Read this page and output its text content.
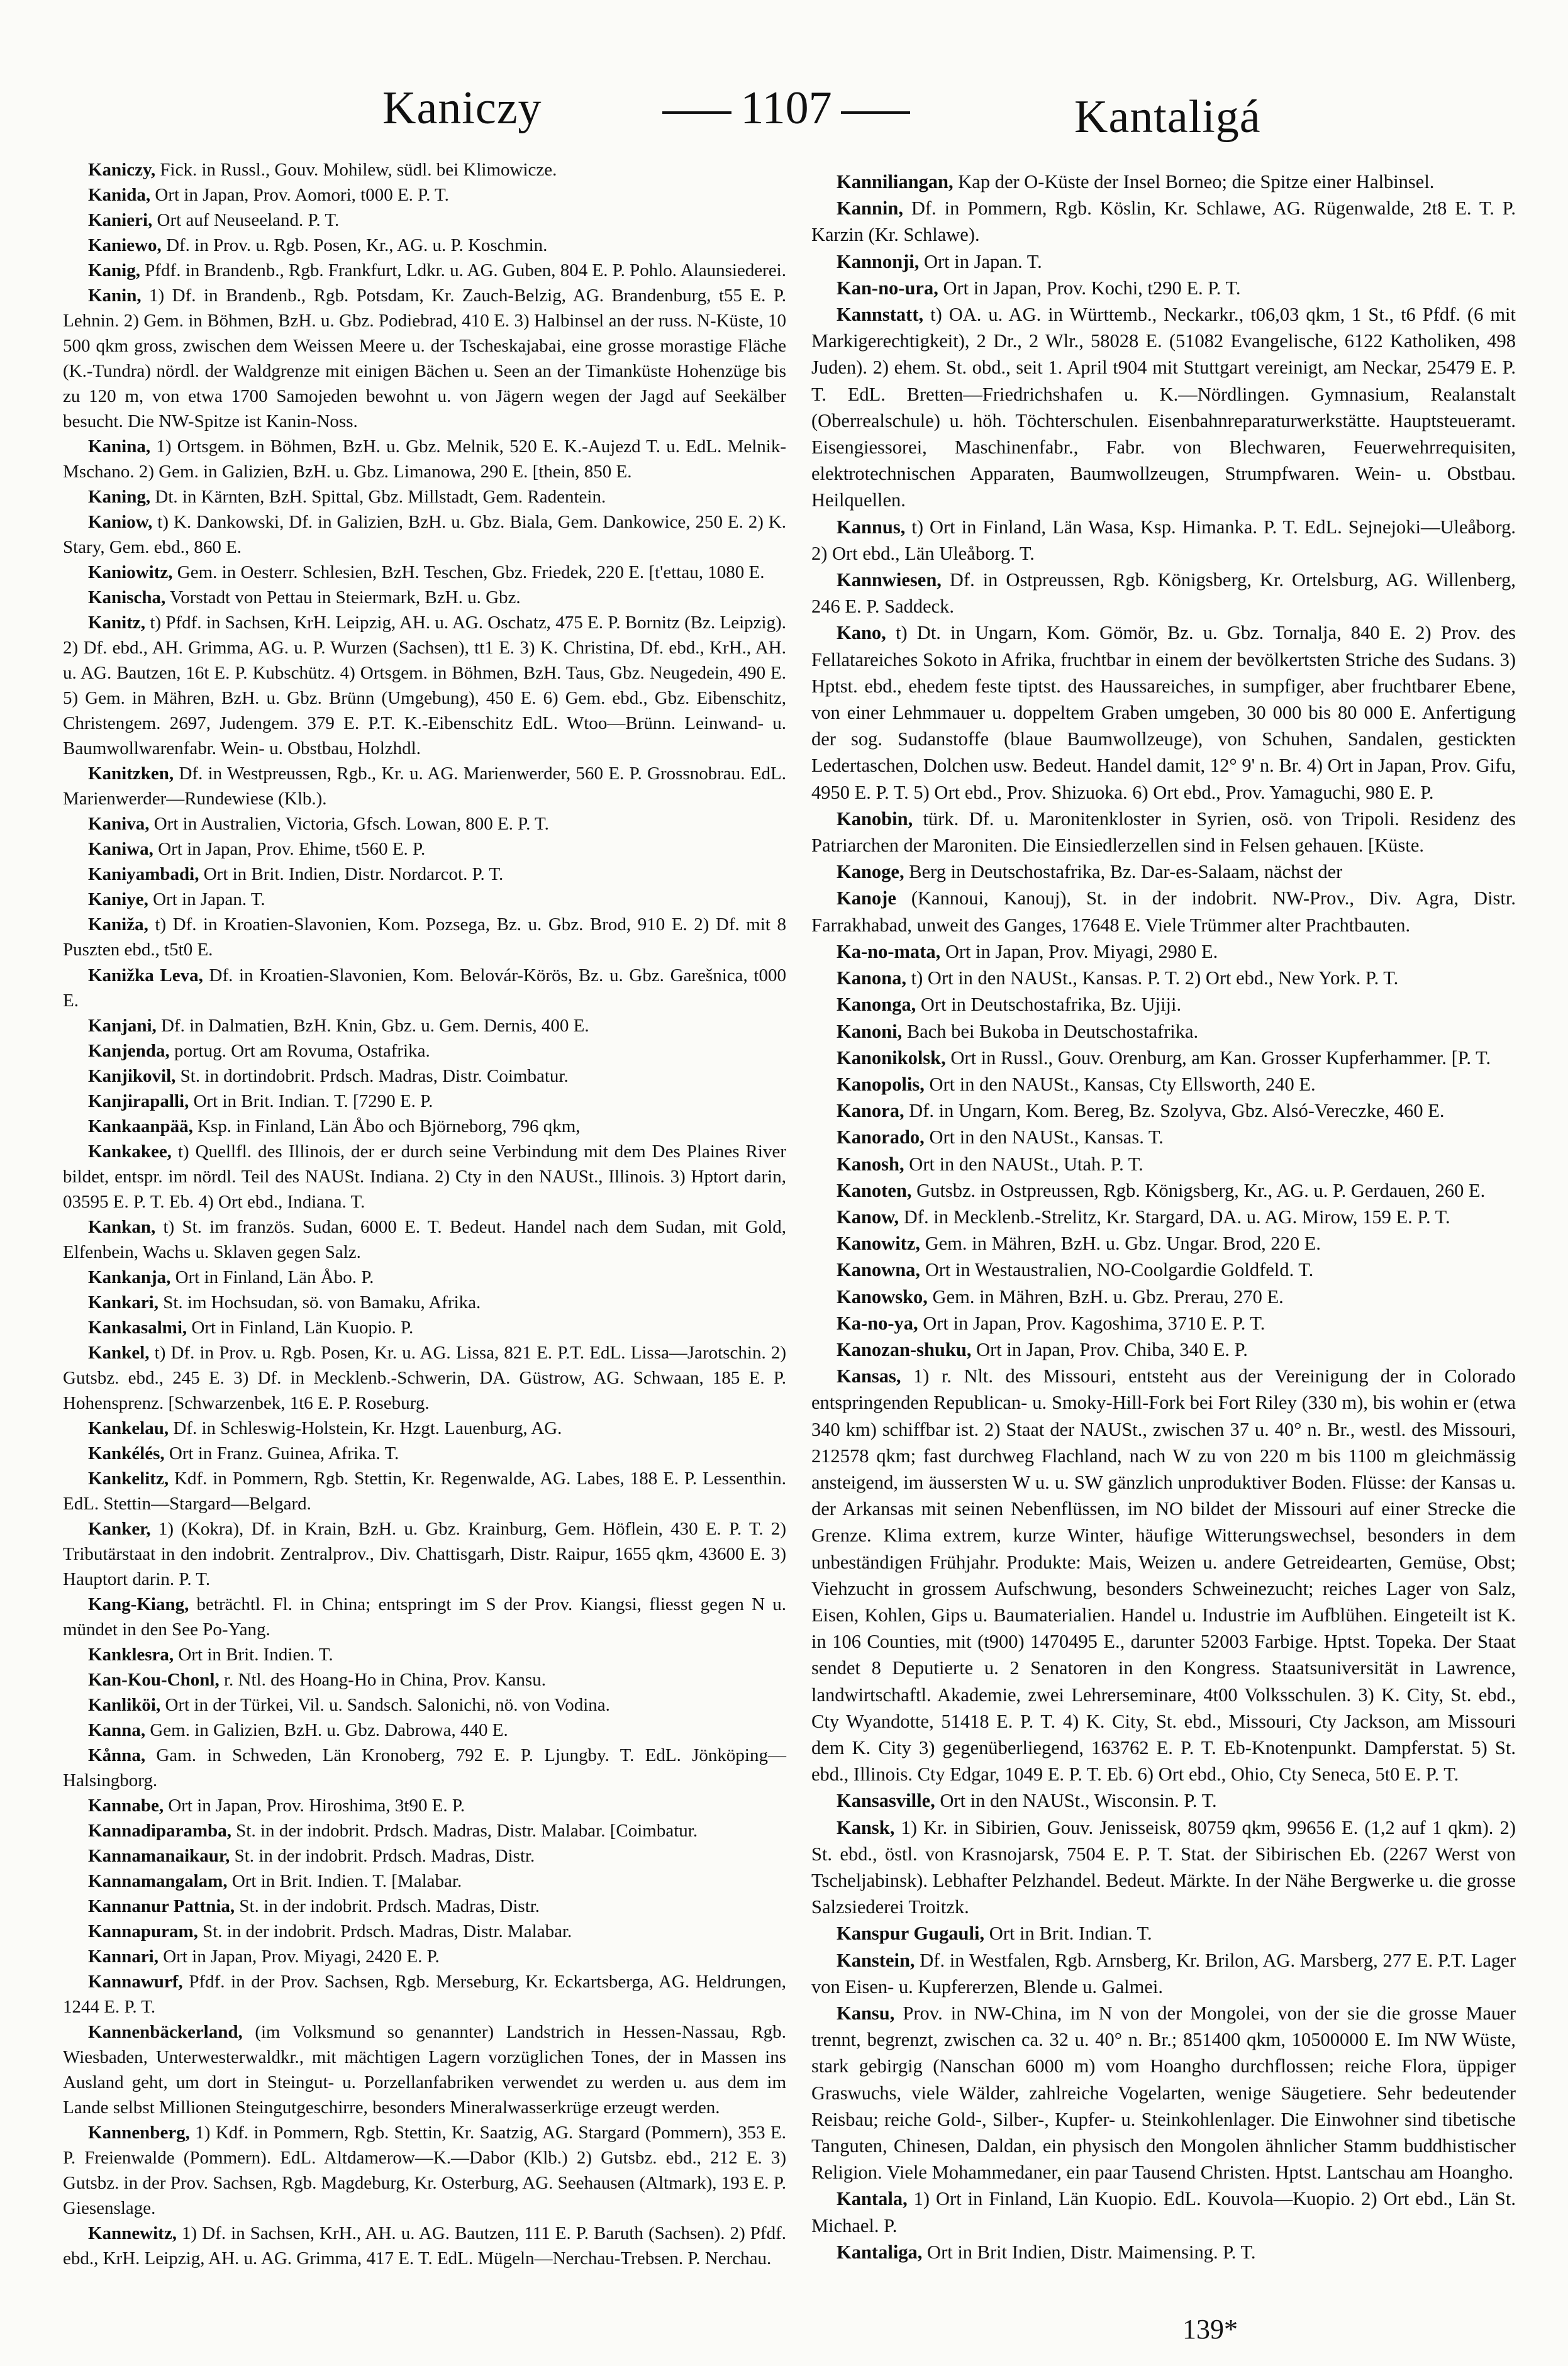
Kaniczy	1107	Kantaligá

Kaniczy, Fick. in Russl., Gouv. Mohilew, südl. bei Klimowicze.

Kanida, Ort in Japan, Prov. Aomori, t000 E. P. T.

Kanieri, Ort auf Neuseeland. P. T.

Kaniewo, Df. in Prov. u. Rgb. Posen, Kr., AG. u. P. Koschmin.

Kanig, Pfdf. in Brandenb., Rgb. Frankfurt, Ldkr. u. AG. Guben, 804 E. P. Pohlo. Alaunsiederei.

Kanin, 1) Df. in Brandenb., Rgb. Potsdam, Kr. Zauch-Belzig, AG. Brandenburg, t55 E. P. Lehnin. 2) Gem. in Böhmen, BzH. u. Gbz. Podiebrad, 410 E. 3) Halbinsel an der russ. N-Küste, 10 500 qkm gross, zwischen dem Weissen Meere u. der Tscheskajabai, eine grosse morastige Fläche (K.-Tundra) nördl. der Waldgrenze mit einigen Bächen u. Seen an der Timanküste Hohenzüge bis zu 120 m, von etwa 1700 Samojeden bewohnt u. von Jägern wegen der Jagd auf Seekälber besucht. Die NW-Spitze ist Kanin-Noss.

Kanina, 1) Ortsgem. in Böhmen, BzH. u. Gbz. Melnik, 520 E. K.-Aujezd T. u. EdL. Melnik-Mschano. 2) Gem. in Galizien, BzH. u. Gbz. Limanowa, 290 E. [thein, 850 E.

Kaning, Dt. in Kärnten, BzH. Spittal, Gbz. Millstadt, Gem. Radentein.

Kaniow, t) K. Dankowski, Df. in Galizien, BzH. u. Gbz. Biala, Gem. Dankowice, 250 E. 2) K. Stary, Gem. ebd., 860 E.

Kaniowitz, Gem. in Oesterr. Schlesien, BzH. Teschen, Gbz. Friedek, 220 E. [t'ettau, 1080 E.

Kanischa, Vorstadt von Pettau in Steiermark, BzH. u. Gbz.

Kanitz, t) Pfdf. in Sachsen, KrH. Leipzig, AH. u. AG. Oschatz, 475 E. P. Bornitz (Bz. Leipzig). 2) Df. ebd., AH. Grimma, AG. u. P. Wurzen (Sachsen), tt1 E. 3) K. Christina, Df. ebd., KrH., AH. u. AG. Bautzen, 16t E. P. Kubschütz. 4) Ortsgem. in Böhmen, BzH. Taus, Gbz. Neugedein, 490 E. 5) Gem. in Mähren, BzH. u. Gbz. Brünn (Umgebung), 450 E. 6) Gem. ebd., Gbz. Eibenschitz, Christengem. 2697, Judengem. 379 E. P.T. K.-Eibenschitz EdL. Wtoo—Brünn. Leinwand- u. Baumwollwarenfabr. Wein- u. Obstbau, Holzhdl.

Kanitzken, Df. in Westpreussen, Rgb., Kr. u. AG. Marienwerder, 560 E. P. Grossnobrau. EdL. Marienwerder—Rundewiese (Klb.).

Kaniva, Ort in Australien, Victoria, Gfsch. Lowan, 800 E. P. T.

Kaniwa, Ort in Japan, Prov. Ehime, t560 E. P.

Kaniyambadi, Ort in Brit. Indien, Distr. Nordarcot. P. T.

Kaniye, Ort in Japan. T.

Kaniža, t) Df. in Kroatien-Slavonien, Kom. Pozsega, Bz. u. Gbz. Brod, 910 E. 2) Df. mit 8 Puszten ebd., t5t0 E.

Kanižka Leva, Df. in Kroatien-Slavonien, Kom. Belovár-Körös, Bz. u. Gbz. Garešnica, t000 E.

Kanjani, Df. in Dalmatien, BzH. Knin, Gbz. u. Gem. Dernis, 400 E.

Kanjenda, portug. Ort am Rovuma, Ostafrika.

Kanjikovil, St. in dortindobrit. Prdsch. Madras, Distr. Coimbatur.

Kanjirapalli, Ort in Brit. Indian. T. [7290 E. P.

Kankaanpää, Ksp. in Finland, Län Åbo och Björneborg, 796 qkm,

Kankakee, t) Quellfl. des Illinois, der er durch seine Verbindung mit dem Des Plaines River bildet, entspr. im nördl. Teil des NAUSt. Indiana. 2) Cty in den NAUSt., Illinois. 3) Hptort darin, 03595 E. P. T. Eb. 4) Ort ebd., Indiana. T.

Kankan, t) St. im französ. Sudan, 6000 E. T. Bedeut. Handel nach dem Sudan, mit Gold, Elfenbein, Wachs u. Sklaven gegen Salz.

Kankanja, Ort in Finland, Län Åbo. P.

Kankari, St. im Hochsudan, sö. von Bamaku, Afrika.

Kankasalmi, Ort in Finland, Län Kuopio. P.

Kankel, t) Df. in Prov. u. Rgb. Posen, Kr. u. AG. Lissa, 821 E. P.T. EdL. Lissa—Jarotschin. 2) Gutsbz. ebd., 245 E. 3) Df. in Mecklenb.-Schwerin, DA. Güstrow, AG. Schwaan, 185 E. P. Hohensprenz. [Schwarzenbek, 1t6 E. P. Roseburg.

Kankelau, Df. in Schleswig-Holstein, Kr. Hzgt. Lauenburg, AG.

Kankélés, Ort in Franz. Guinea, Afrika. T.

Kankelitz, Kdf. in Pommern, Rgb. Stettin, Kr. Regenwalde, AG. Labes, 188 E. P. Lessenthin. EdL. Stettin—Stargard—Belgard.

Kanker, 1) (Kokra), Df. in Krain, BzH. u. Gbz. Krainburg, Gem. Höflein, 430 E. P. T. 2) Tributärstaat in den indobrit. Zentralprov., Div. Chattisgarh, Distr. Raipur, 1655 qkm, 43600 E. 3) Hauptort darin. P. T.

Kang-Kiang, beträchtl. Fl. in China; entspringt im S der Prov. Kiangsi, fliesst gegen N u. mündet in den See Po-Yang.

Kanklesra, Ort in Brit. Indien. T.

Kan-Kou-Chonl, r. Ntl. des Hoang-Ho in China, Prov. Kansu.

Kanliköi, Ort in der Türkei, Vil. u. Sandsch. Salonichi, nö. von Vodina.

Kanna, Gem. in Galizien, BzH. u. Gbz. Dabrowa, 440 E.

Kånna, Gam. in Schweden, Län Kronoberg, 792 E. P. Ljungby. T. EdL. Jönköping—Halsingborg.

Kannabe, Ort in Japan, Prov. Hiroshima, 3t90 E. P.

Kannadiparamba, St. in der indobrit. Prdsch. Madras, Distr. Malabar. [Coimbatur.

Kannamanaikaur, St. in der indobrit. Prdsch. Madras, Distr.

Kannamangalam, Ort in Brit. Indien. T. [Malabar.

Kannanur Pattnia, St. in der indobrit. Prdsch. Madras, Distr.

Kannapuram, St. in der indobrit. Prdsch. Madras, Distr. Malabar.

Kannari, Ort in Japan, Prov. Miyagi, 2420 E. P.

Kannawurf, Pfdf. in der Prov. Sachsen, Rgb. Merseburg, Kr. Eckartsberga, AG. Heldrungen, 1244 E. P. T.

Kannenbäckerland, (im Volksmund so genannter) Landstrich in Hessen-Nassau, Rgb. Wiesbaden, Unterwesterwaldkr., mit mächtigen Lagern vorzüglichen Tones, der in Massen ins Ausland geht, um dort in Steingut- u. Porzellanfabriken verwendet zu werden u. aus dem im Lande selbst Millionen Steingutgeschirre, besonders Mineralwasserkrüge erzeugt werden.

Kannenberg, 1) Kdf. in Pommern, Rgb. Stettin, Kr. Saatzig, AG. Stargard (Pommern), 353 E. P. Freienwalde (Pommern). EdL. Altdamerow—K.—Dabor (Klb.) 2) Gutsbz. ebd., 212 E. 3) Gutsbz. in der Prov. Sachsen, Rgb. Magdeburg, Kr. Osterburg, AG. Seehausen (Altmark), 193 E. P. Giesenslage.

Kannewitz, 1) Df. in Sachsen, KrH., AH. u. AG. Bautzen, 111 E. P. Baruth (Sachsen). 2) Pfdf. ebd., KrH. Leipzig, AH. u. AG. Grimma, 417 E. T. EdL. Mügeln—Nerchau-Trebsen. P. Nerchau.

Kanniliangan, Kap der O-Küste der Insel Borneo; die Spitze einer Halbinsel.

Kannin, Df. in Pommern, Rgb. Köslin, Kr. Schlawe, AG. Rügenwalde, 2t8 E. T. P. Karzin (Kr. Schlawe).

Kannonji, Ort in Japan. T.

Kan-no-ura, Ort in Japan, Prov. Kochi, t290 E. P. T.

Kannstatt, t) OA. u. AG. in Württemb., Neckarkr., t06,03 qkm, 1 St., t6 Pfdf. (6 mit Markigerechtigkeit), 2 Dr., 2 Wlr., 58028 E. (51082 Evangelische, 6122 Katholiken, 498 Juden). 2) ehem. St. obd., seit 1. April t904 mit Stuttgart vereinigt, am Neckar, 25479 E. P. T. EdL. Bretten—Friedrichshafen u. K.—Nördlingen. Gymnasium, Realanstalt (Oberrealschule) u. höh. Töchterschulen. Eisenbahnreparaturwerkstätte. Hauptsteueramt. Eisengiessorei, Maschinenfabr., Fabr. von Blechwaren, Feuerwehrrequisiten, elektrotechnischen Apparaten, Baumwollzeugen, Strumpfwaren. Wein- u. Obstbau. Heilquellen.

Kannus, t) Ort in Finland, Län Wasa, Ksp. Himanka. P. T. EdL. Sejnejoki—Uleåborg. 2) Ort ebd., Län Uleåborg. T.

Kannwiesen, Df. in Ostpreussen, Rgb. Königsberg, Kr. Ortelsburg, AG. Willenberg, 246 E. P. Saddeck.

Kano, t) Dt. in Ungarn, Kom. Gömör, Bz. u. Gbz. Tornalja, 840 E. 2) Prov. des Fellatareiches Sokoto in Afrika, fruchtbar in einem der bevölkertsten Striche des Sudans. 3) Hptst. ebd., ehedem feste tiptst. des Haussareiches, in sumpfiger, aber fruchtbarer Ebene, von einer Lehmmauer u. doppeltem Graben umgeben, 30 000 bis 80 000 E. Anfertigung der sog. Sudanstoffe (blaue Baumwollzeuge), von Schuhen, Sandalen, gestickten Ledertaschen, Dolchen usw. Bedeut. Handel damit, 12° 9' n. Br. 4) Ort in Japan, Prov. Gifu, 4950 E. P. T. 5) Ort ebd., Prov. Shizuoka. 6) Ort ebd., Prov. Yamaguchi, 980 E. P.

Kanobin, türk. Df. u. Maronitenkloster in Syrien, osö. von Tripoli. Residenz des Patriarchen der Maroniten. Die Einsiedlerzellen sind in Felsen gehauen. [Küste.

Kanoge, Berg in Deutschostafrika, Bz. Dar-es-Salaam, nächst der

Kanoje (Kannoui, Kanouj), St. in der indobrit. NW-Prov., Div. Agra, Distr. Farrakhabad, unweit des Ganges, 17648 E. Viele Trümmer alter Prachtbauten.

Ka-no-mata, Ort in Japan, Prov. Miyagi, 2980 E.

Kanona, t) Ort in den NAUSt., Kansas. P. T. 2) Ort ebd., New York. P. T.

Kanonga, Ort in Deutschostafrika, Bz. Ujiji.

Kanoni, Bach bei Bukoba in Deutschostafrika.

Kanonikolsk, Ort in Russl., Gouv. Orenburg, am Kan. Grosser Kupferhammer. [P. T.

Kanopolis, Ort in den NAUSt., Kansas, Cty Ellsworth, 240 E.

Kanora, Df. in Ungarn, Kom. Bereg, Bz. Szolyva, Gbz. Alsó-Vereczke, 460 E.

Kanorado, Ort in den NAUSt., Kansas. T.

Kanosh, Ort in den NAUSt., Utah. P. T.

Kanoten, Gutsbz. in Ostpreussen, Rgb. Königsberg, Kr., AG. u. P. Gerdauen, 260 E.

Kanow, Df. in Mecklenb.-Strelitz, Kr. Stargard, DA. u. AG. Mirow, 159 E. P. T.

Kanowitz, Gem. in Mähren, BzH. u. Gbz. Ungar. Brod, 220 E.

Kanowna, Ort in Westaustralien, NO-Coolgardie Goldfeld. T.

Kanowsko, Gem. in Mähren, BzH. u. Gbz. Prerau, 270 E.

Ka-no-ya, Ort in Japan, Prov. Kagoshima, 3710 E. P. T.

Kanozan-shuku, Ort in Japan, Prov. Chiba, 340 E. P.

Kansas, 1) r. Nlt. des Missouri, entsteht aus der Vereinigung der in Colorado entspringenden Republican- u. Smoky-Hill-Fork bei Fort Riley (330 m), bis wohin er (etwa 340 km) schiffbar ist. 2) Staat der NAUSt., zwischen 37 u. 40° n. Br., westl. des Missouri, 212578 qkm; fast durchweg Flachland, nach W zu von 220 m bis 1100 m gleichmässig ansteigend, im äussersten W u. u. SW gänzlich unproduktiver Boden. Flüsse: der Kansas u. der Arkansas mit seinen Nebenflüssen, im NO bildet der Missouri auf einer Strecke die Grenze. Klima extrem, kurze Winter, häufige Witterungswechsel, besonders in dem unbeständigen Frühjahr. Produkte: Mais, Weizen u. andere Getreidearten, Gemüse, Obst; Viehzucht in grossem Aufschwung, besonders Schweinezucht; reiches Lager von Salz, Eisen, Kohlen, Gips u. Baumaterialien. Handel u. Industrie im Aufblühen. Eingeteilt ist K. in 106 Counties, mit (t900) 1470495 E., darunter 52003 Farbige. Hptst. Topeka. Der Staat sendet 8 Deputierte u. 2 Senatoren in den Kongress. Staatsuniversität in Lawrence, landwirtschaftl. Akademie, zwei Lehrerseminare, 4t00 Volksschulen. 3) K. City, St. ebd., Cty Wyandotte, 51418 E. P. T. 4) K. City, St. ebd., Missouri, Cty Jackson, am Missouri dem K. City 3) gegenüberliegend, 163762 E. P. T. Eb-Knotenpunkt. Dampferstat. 5) St. ebd., Illinois. Cty Edgar, 1049 E. P. T. Eb. 6) Ort ebd., Ohio, Cty Seneca, 5t0 E. P. T.

Kansasville, Ort in den NAUSt., Wisconsin. P. T.

Kansk, 1) Kr. in Sibirien, Gouv. Jenisseisk, 80759 qkm, 99656 E. (1,2 auf 1 qkm). 2) St. ebd., östl. von Krasnojarsk, 7504 E. P. T. Stat. der Sibirischen Eb. (2267 Werst von Tscheljabinsk). Lebhafter Pelzhandel. Bedeut. Märkte. In der Nähe Bergwerke u. die grosse Salzsiederei Troitzk.

Kanspur Gugauli, Ort in Brit. Indian. T.

Kanstein, Df. in Westfalen, Rgb. Arnsberg, Kr. Brilon, AG. Marsberg, 277 E. P.T. Lager von Eisen- u. Kupfererzen, Blende u. Galmei.

Kansu, Prov. in NW-China, im N von der Mongolei, von der sie die grosse Mauer trennt, begrenzt, zwischen ca. 32 u. 40° n. Br.; 851400 qkm, 10500000 E. Im NW Wüste, stark gebirgig (Nanschan 6000 m) vom Hoangho durchflossen; reiche Flora, üppiger Graswuchs, viele Wälder, zahlreiche Vogelarten, wenige Säugetiere. Sehr bedeutender Reisbau; reiche Gold-, Silber-, Kupfer- u. Steinkohlenlager. Die Einwohner sind tibetische Tanguten, Chinesen, Daldan, ein physisch den Mongolen ähnlicher Stamm buddhistischer Religion. Viele Mohammedaner, ein paar Tausend Christen. Hptst. Lantschau am Hoangho.

Kantala, 1) Ort in Finland, Län Kuopio. EdL. Kouvola—Kuopio. 2) Ort ebd., Län St. Michael. P.

Kantaliga, Ort in Brit Indien, Distr. Maimensing. P. T.

139*
